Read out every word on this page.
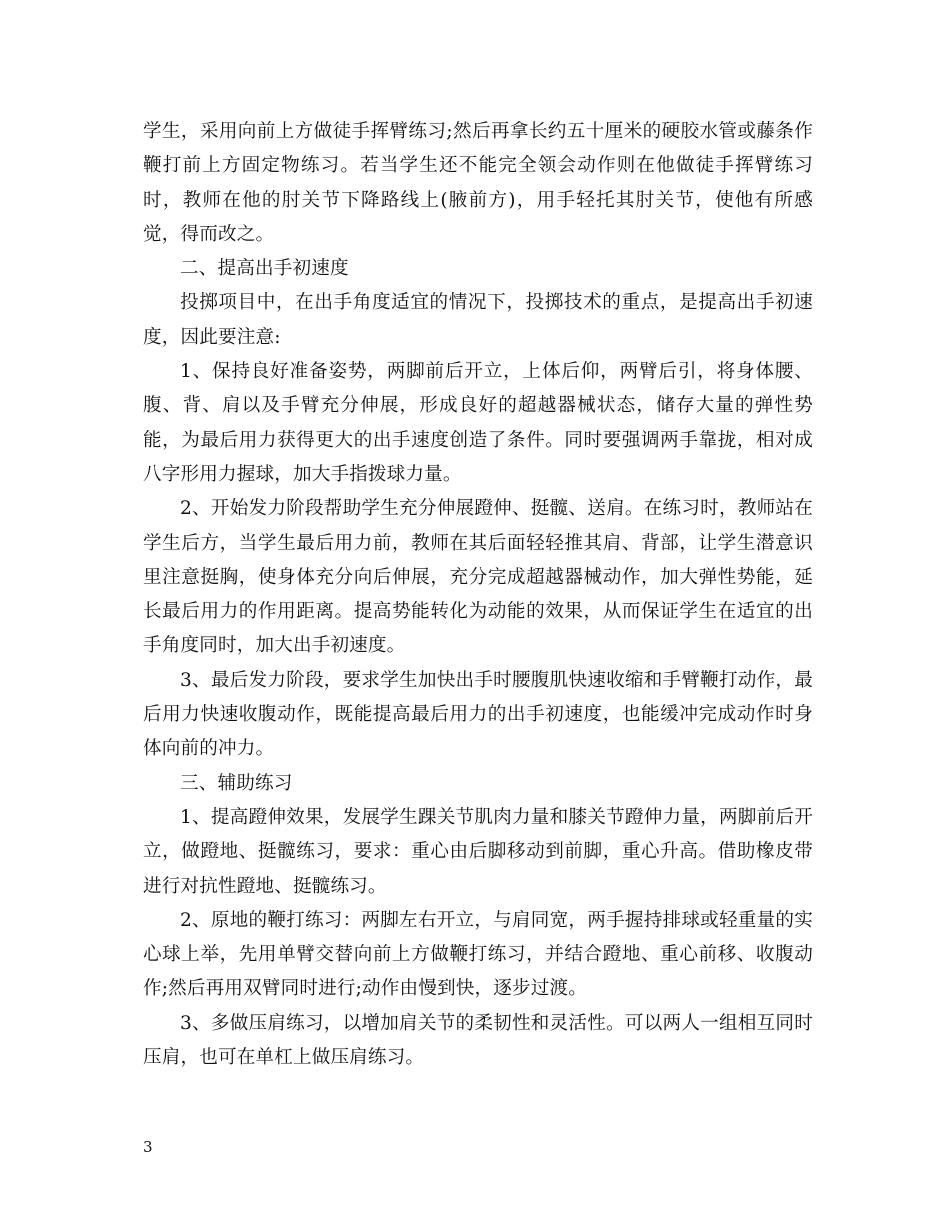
学生，采用向前上方做徒手挥臂练习;然后再拿长约五十厘米的硬胶水管或藤条作鞭打前上方固定物练习。若当学生还不能完全领会动作则在他做徒手挥臂练习时，教师在他的肘关节下降路线上(腋前方)，用手轻托其肘关节，使他有所感觉，得而改之。

二、提高出手初速度

投掷项目中，在出手角度适宜的情况下，投掷技术的重点，是提高出手初速度，因此要注意:

1、保持良好准备姿势，两脚前后开立，上体后仰，两臂后引，将身体腰、腹、背、肩以及手臂充分伸展，形成良好的超越器械状态，储存大量的弹性势能，为最后用力获得更大的出手速度创造了条件。同时要强调两手靠拢，相对成八字形用力握球，加大手指拨球力量。

2、开始发力阶段帮助学生充分伸展蹬伸、挺髋、送肩。在练习时，教师站在学生后方，当学生最后用力前，教师在其后面轻轻推其肩、背部，让学生潜意识里注意挺胸，使身体充分向后伸展，充分完成超越器械动作，加大弹性势能，延长最后用力的作用距离。提高势能转化为动能的效果，从而保证学生在适宜的出手角度同时，加大出手初速度。

3、最后发力阶段，要求学生加快出手时腰腹肌快速收缩和手臂鞭打动作，最后用力快速收腹动作，既能提高最后用力的出手初速度，也能缓冲完成动作时身体向前的冲力。

三、辅助练习

1、提高蹬伸效果，发展学生踝关节肌肉力量和膝关节蹬伸力量，两脚前后开立，做蹬地、挺髋练习，要求：重心由后脚移动到前脚，重心升高。借助橡皮带进行对抗性蹬地、挺髋练习。

2、原地的鞭打练习：两脚左右开立，与肩同宽，两手握持排球或轻重量的实心球上举，先用单臂交替向前上方做鞭打练习，并结合蹬地、重心前移、收腹动作;然后再用双臂同时进行;动作由慢到快，逐步过渡。

3、多做压肩练习，以增加肩关节的柔韧性和灵活性。可以两人一组相互同时压肩，也可在单杠上做压肩练习。

3
